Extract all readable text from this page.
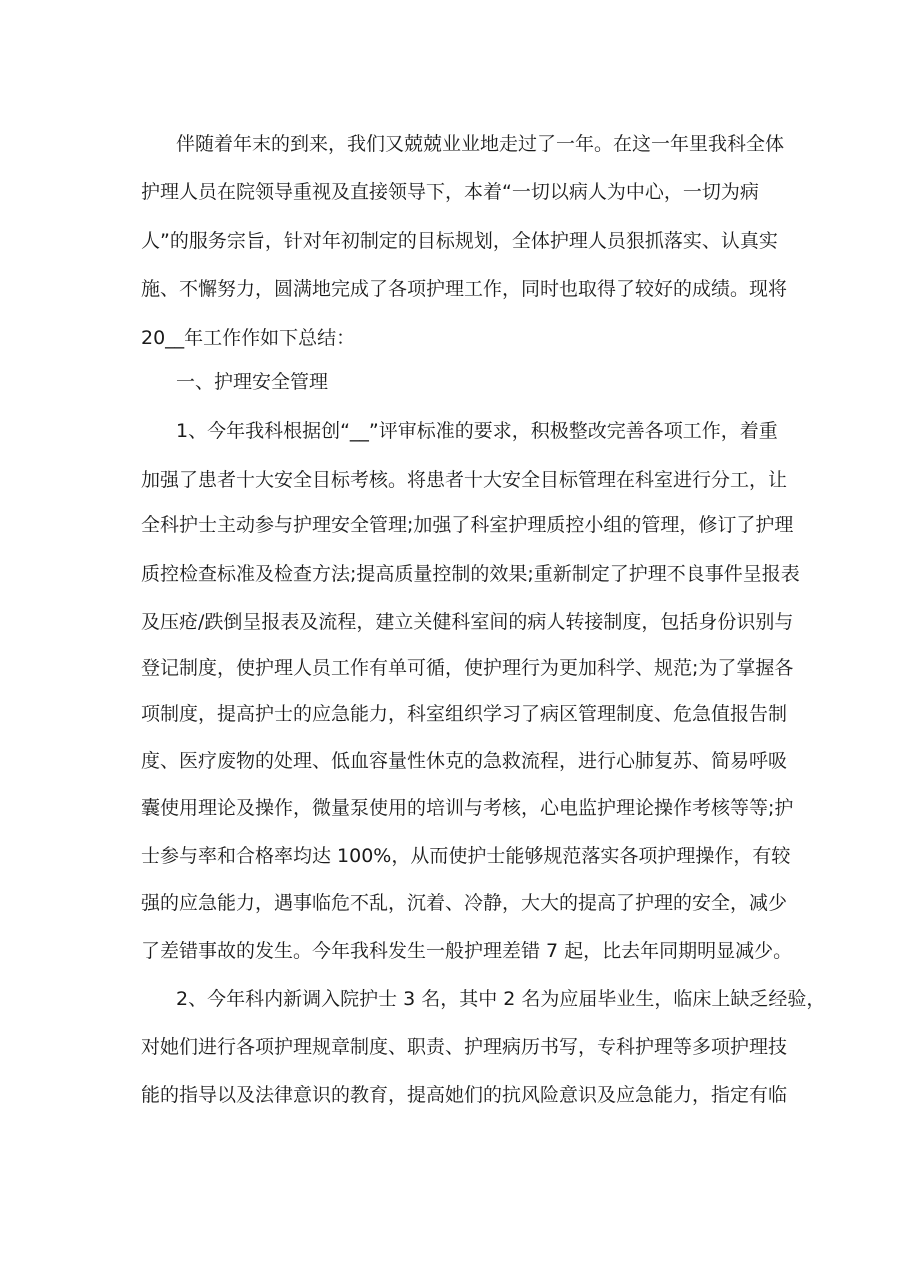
伴随着年末的到来，我们又兢兢业业地走过了一年。在这一年里我科全体
护理人员在院领导重视及直接领导下，本着“一切以病人为中心，一切为病
人”的服务宗旨，针对年初制定的目标规划，全体护理人员狠抓落实、认真实
施、不懈努力，圆满地完成了各项护理工作，同时也取得了较好的成绩。现将
20__年工作作如下总结：
一、护理安全管理
1、今年我科根据创“__”评审标准的要求，积极整改完善各项工作，着重
加强了患者十大安全目标考核。将患者十大安全目标管理在科室进行分工，让
全科护士主动参与护理安全管理;加强了科室护理质控小组的管理，修订了护理
质控检查标准及检查方法;提高质量控制的效果;重新制定了护理不良事件呈报表
及压疮/跌倒呈报表及流程，建立关健科室间的病人转接制度，包括身份识别与
登记制度，使护理人员工作有单可循，使护理行为更加科学、规范;为了掌握各
项制度，提高护士的应急能力，科室组织学习了病区管理制度、危急值报告制
度、医疗废物的处理、低血容量性休克的急救流程，进行心肺复苏、简易呼吸
囊使用理论及操作，微量泵使用的培训与考核，心电监护理论操作考核等等;护
士参与率和合格率均达 100%，从而使护士能够规范落实各项护理操作，有较
强的应急能力，遇事临危不乱，沉着、冷静，大大的提高了护理的安全，减少
了差错事故的发生。今年我科发生一般护理差错 7 起，比去年同期明显减少。
2、今年科内新调入院护士 3 名，其中 2 名为应届毕业生，临床上缺乏经验，
对她们进行各项护理规章制度、职责、护理病历书写，专科护理等多项护理技
能的指导以及法律意识的教育，提高她们的抗风险意识及应急能力，指定有临
